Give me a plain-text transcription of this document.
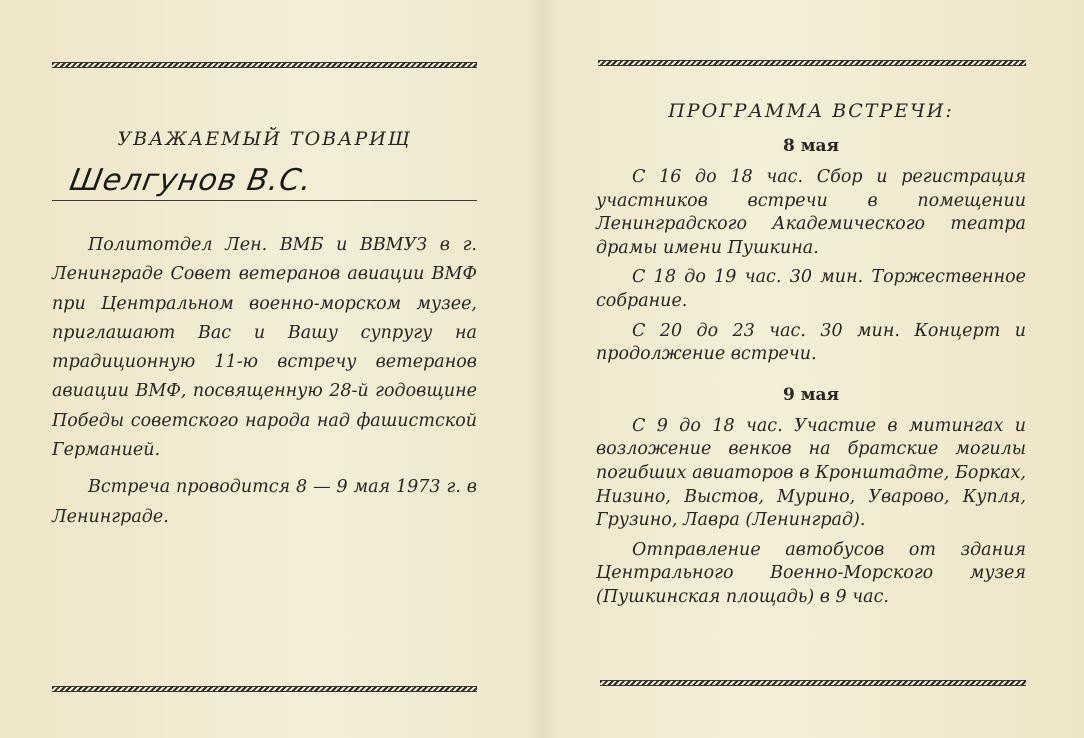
УВАЖАЕМЫЙ ТОВАРИЩ
Шелгунов В.С.

Политотдел Лен. ВМБ и ВВМУЗ в г. Ленинграде Совет ветеранов авиации ВМФ при Центральном военно-морском музее, приглашают Вас и Вашу супругу на традиционную 11-ю встречу ветеранов авиации ВМФ, посвященную 28-й годовщине Победы советского народа над фашистской Германией.

Встреча проводится 8 — 9 мая 1973 г. в Ленинграде.

ПРОГРАММА ВСТРЕЧИ:
8 мая

С 16 до 18 час. Сбор и регистрация участников встречи в помещении Ленинградского Академического театра драмы имени Пушкина.

С 18 до 19 час. 30 мин. Торжественное собрание.

С 20 до 23 час. 30 мин. Концерт и продолжение встречи.

9 мая

С 9 до 18 час. Участие в митингах и возложение венков на братские могилы погибших авиаторов в Кронштадте, Борках, Низино, Выстов, Мурино, Уварово, Купля, Грузино, Лавра (Ленинград).

Отправление автобусов от здания Центрального Военно-Морского музея (Пушкинская площадь) в 9 час.
